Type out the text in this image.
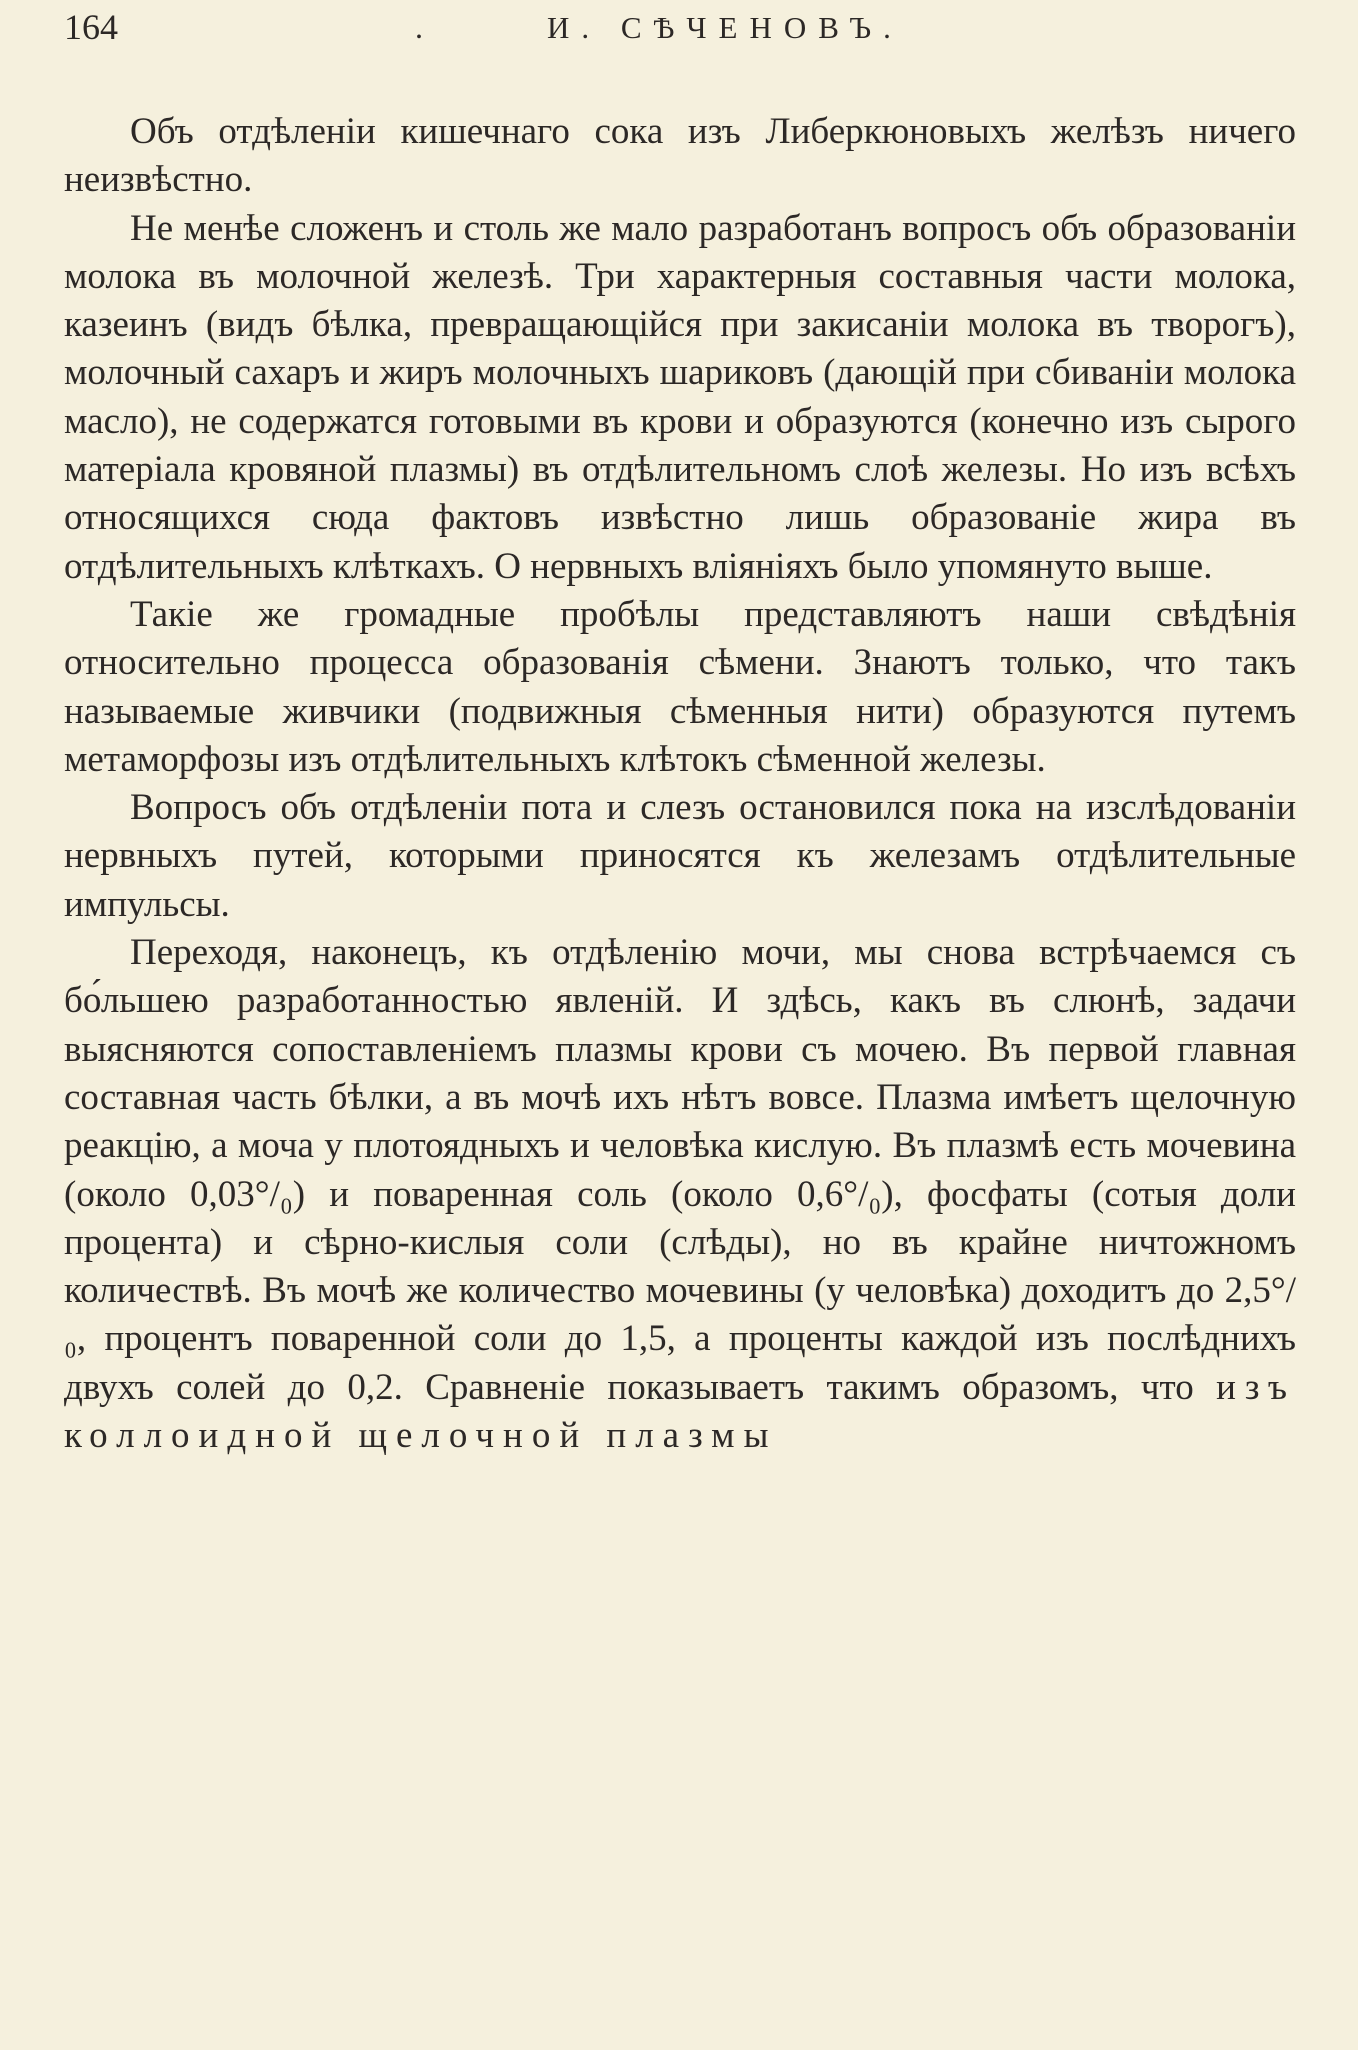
164	.	И. СѢЧЕНОВЪ.

Объ отдѣленіи кишечнаго сока изъ Либеркюновыхъ желѣзъ ничего неизвѣстно.

Не менѣе сложенъ и столь же мало разработанъ вопросъ объ образованіи молока въ молочной железѣ. Три характерныя составныя части молока, казеинъ (видъ бѣлка, превращающійся при закисаніи молока въ творогъ), молочный сахаръ и жиръ молочныхъ шариковъ (дающій при сбиваніи молока масло), не содержатся готовыми въ крови и образуются (конечно изъ сырого матеріала кровяной плазмы) въ отдѣлительномъ слоѣ железы. Но изъ всѣхъ относящихся сюда фактовъ извѣстно лишь образованіе жира въ отдѣлительныхъ клѣткахъ. О нервныхъ вліяніяхъ было упомянуто выше.

Такіе же громадные пробѣлы представляютъ наши свѣдѣнія относительно процесса образованія сѣмени. Знаютъ только, что такъ называемые живчики (подвижныя сѣменныя нити) образуются путемъ метаморфозы изъ отдѣлительныхъ клѣтокъ сѣменной железы.

Вопросъ объ отдѣленіи пота и слезъ остановился пока на изслѣдованіи нервныхъ путей, которыми приносятся къ железамъ отдѣлительные импульсы.

Переходя, наконецъ, къ отдѣленію мочи, мы снова встрѣчаемся съ бо́льшею разработанностью явленій. И здѣсь, какъ въ слюнѣ, задачи выясняются сопоставленіемъ плазмы крови съ мочею. Въ первой главная составная часть бѣлки, а въ мочѣ ихъ нѣтъ вовсе. Плазма имѣетъ щелочную реакцію, а моча у плотоядныхъ и человѣка кислую. Въ плазмѣ есть мочевина (около 0,03°/₀) и поваренная соль (около 0,6°/₀), фосфаты (сотыя доли процента) и сѣрно-кислыя соли (слѣды), но въ крайне ничтожномъ количествѣ. Въ мочѣ же количество мочевины (у человѣка) доходитъ до 2,5°/₀, процентъ поваренной соли до 1,5, а проценты каждой изъ послѣднихъ двухъ солей до 0,2. Сравненіе показываетъ такимъ образомъ, что изъ коллоидной щелочной плазмы
